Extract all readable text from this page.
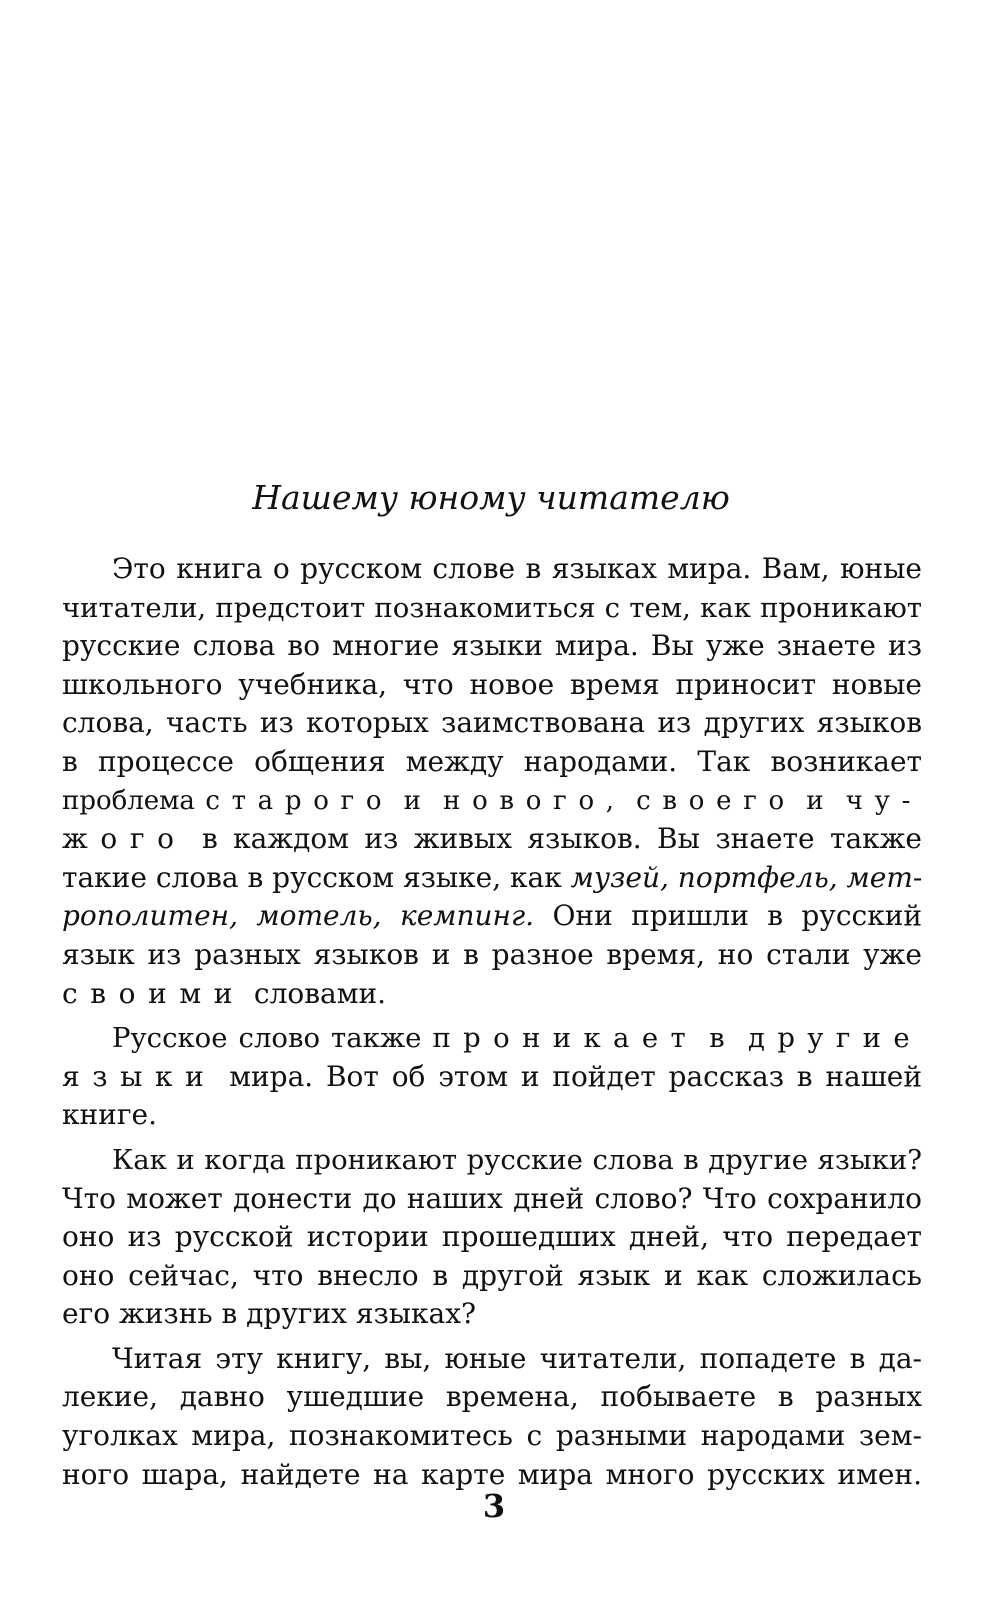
Нашему юному читателю
Это книга о русском слове в языках мира. Вам, юные
читатели, предстоит познакомиться с тем, как проникают
русские слова во многие языки мира. Вы уже знаете из
школьного учебника, что новое время приносит новые
слова, часть из которых заимствована из других языков
в процессе общения между народами. Так возникает
проблема старого и нового, своего и чу-
жого в каждом из живых языков. Вы знаете также
такие слова в русском языке, как музей, портфель, мет-
рополитен, мотель, кемпинг. Они пришли в русский
язык из разных языков и в разное время, но стали уже
своими словами.
Русское слово также проникает в другие
языки мира. Вот об этом и пойдет рассказ в нашей
книге.
Как и когда проникают русские слова в другие языки?
Что может донести до наших дней слово? Что сохранило
оно из русской истории прошедших дней, что передает
оно сейчас, что внесло в другой язык и как сложилась
его жизнь в других языках?
Читая эту книгу, вы, юные читатели, попадете в да-
лекие, давно ушедшие времена, побываете в разных
уголках мира, познакомитесь с разными народами зем-
ного шара, найдете на карте мира много русских имен.
3
